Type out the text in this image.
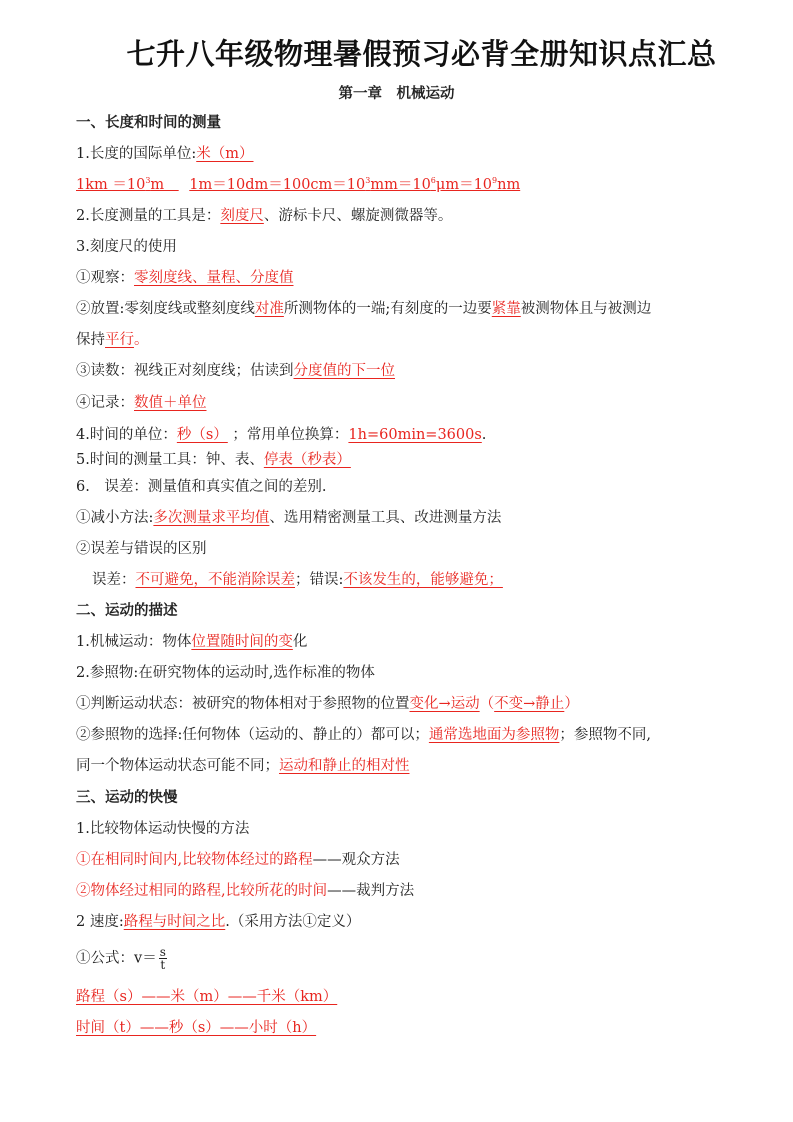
七升八年级物理暑假预习必背全册知识点汇总
第一章　机械运动
一、长度和时间的测量
1.长度的国际单位:米（m）
$1km =10^3m$　 $1m=10dm=100cm=10^3mm=10^6\mu m=10^9nm$
2.长度测量的工具是：刻度尺、游标卡尺、螺旋测微器等。
3.刻度尺的使用
①观察：零刻度线、量程、分度值
②放置:零刻度线或整刻度线对准所测物体的一端;有刻度的一边要紧靠被测物体且与被测边
保持平行。
③读数：视线正对刻度线；估读到分度值的下一位
④记录：数值＋单位
4.时间的单位：秒（s） ；常用单位换算：1h=60min=3600s.
5.时间的测量工具：钟、表、停表（秒表）
6.　误差：测量值和真实值之间的差别.
①减小方法:多次测量求平均值、选用精密测量工具、改进测量方法
②误差与错误的区别
误差：不可避免，不能消除误差；错误:不该发生的，能够避免；
二、运动的描述
1.机械运动：物体位置随时间的变化
2.参照物:在研究物体的运动时,选作标准的物体
①判断运动状态：被研究的物体相对于参照物的位置变化→运动（不变→静止）
②参照物的选择:任何物体（运动的、静止的）都可以；通常选地面为参照物；参照物不同,
同一个物体运动状态可能不同；运动和静止的相对性
三、运动的快慢
1.比较物体运动快慢的方法
①在相同时间内,比较物体经过的路程——观众方法
②物体经过相同的路程,比较所花的时间——裁判方法
2 速度:路程与时间之比.（采用方法①定义）
①公式：$v= \frac{s}{t}$
路程（s）——米（m）——千米（km）
时间（t）——秒（s）——小时（h）
